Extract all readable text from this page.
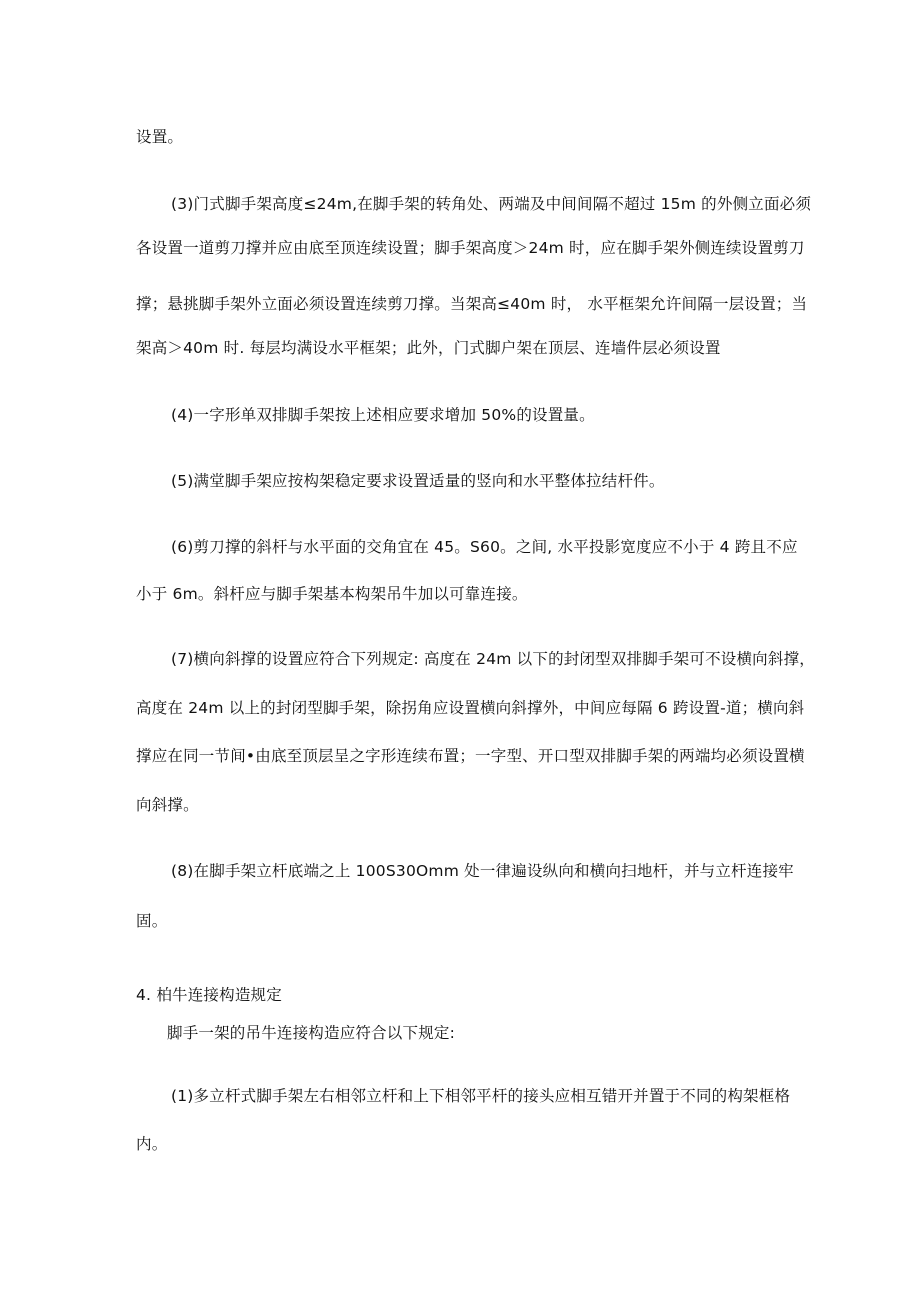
设置。
(3)门式脚手架高度≤24m,在脚手架的转角处、两端及中间间隔不超过 15m 的外侧立面必须
各设置一道剪刀撑并应由底至顶连续设置；脚手架高度＞24m 时，应在脚手架外侧连续设置剪刀
撑；悬挑脚手架外立面必须设置连续剪刀撑。当架高≤40m 时， 水平框架允许间隔一层设置；当
架高＞40m 时. 每层均满设水平框架；此外，门式脚户架在顶层、连墙件层必须设置
(4)一字形单双排脚手架按上述相应要求增加 50%的设置量。
(5)满堂脚手架应按构架稳定要求设置适量的竖向和水平整体拉结杆件。
(6)剪刀撑的斜杆与水平面的交角宜在 45。S60。之间, 水平投影宽度应不小于 4 跨且不应
小于 6m。斜杆应与脚手架基本构架吊牛加以可靠连接。
(7)横向斜撑的设置应符合下列规定: 高度在 24m 以下的封闭型双排脚手架可不设横向斜撑，
高度在 24m 以上的封闭型脚手架，除拐角应设置横向斜撑外，中间应每隔 6 跨设置-道；横向斜
撑应在同一节间•由底至顶层呈之字形连续布置；一字型、开口型双排脚手架的两端均必须设置横
向斜撑。
(8)在脚手架立杆底端之上 100S30Omm 处一律遍设纵向和横向扫地杆，并与立杆连接牢
固。
4. 柏牛连接构造规定
脚手一架的吊牛连接构造应符合以下规定:
(1)多立杆式脚手架左右相邻立杆和上下相邻平杆的接头应相互错开并置于不同的构架框格
内。
